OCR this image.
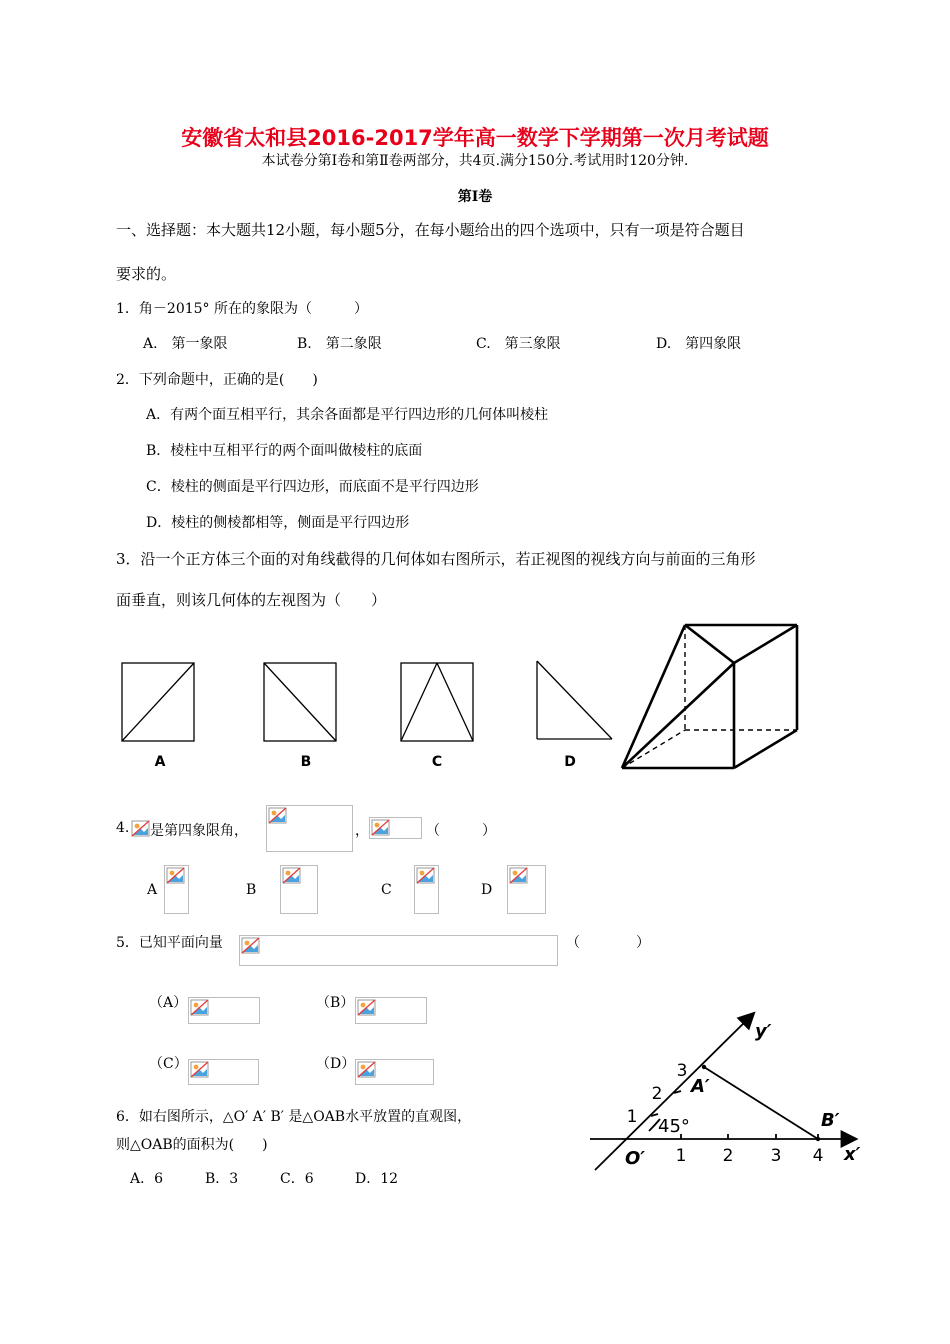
安徽省太和县2016-2017学年高一数学下学期第一次月考试题
本试卷分第Ⅰ卷和第Ⅱ卷两部分，共4页.满分150分.考试用时120分钟.
第Ⅰ卷
一、选择题：本大题共12小题，每小题5分，在每小题给出的四个选项中，只有一项是符合题目
要求的。
1．角－2015° 所在的象限为（　　　）
A.　第一象限	B.　第二象限	C.　第三象限	D.　第四象限
2．下列命题中，正确的是(　　)
A．有两个面互相平行，其余各面都是平行四边形的几何体叫棱柱
B．棱柱中互相平行的两个面叫做棱柱的底面
C．棱柱的侧面是平行四边形，而底面不是平行四边形
D．棱柱的侧棱都相等，侧面是平行四边形
3．沿一个正方体三个面的对角线截得的几何体如右图所示，若正视图的视线方向与前面的三角形
面垂直，则该几何体的左视图为（　　）
A	B	C	D
4. 是第四象限角，	，	（　　　）
A	B	C	D
5．已知平面向量	（　　　　）
（A）	（B）
（C）	（D）
6．如右图所示，△O′ A′ B′ 是△OAB水平放置的直观图，
则△OAB的面积为(　　)
A．6	B．3	C．6	D．12
y′
x′
O′
A′
B′
45°
1 2 3 4
1
2
3
